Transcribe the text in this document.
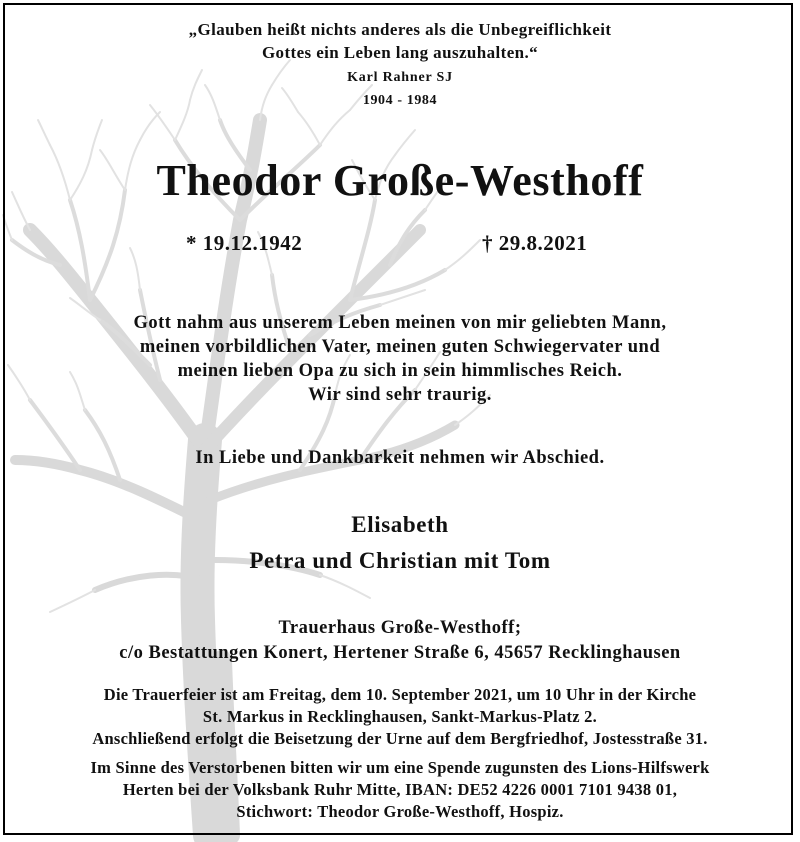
„Glauben heißt nichts anderes als die Unbegreiflichkeit
Gottes ein Leben lang auszuhalten.“
Karl Rahner SJ
1904 - 1984
Theodor Große-Westhoff
* 19.12.1942	† 29.8.2021
Gott nahm aus unserem Leben meinen von mir geliebten Mann,
meinen vorbildlichen Vater, meinen guten Schwiegervater und
meinen lieben Opa zu sich in sein himmlisches Reich.
Wir sind sehr traurig.
In Liebe und Dankbarkeit nehmen wir Abschied.
Elisabeth
Petra und Christian mit Tom
Trauerhaus Große-Westhoff;
c/o Bestattungen Konert, Hertener Straße 6, 45657 Recklinghausen
Die Trauerfeier ist am Freitag, dem 10. September 2021, um 10 Uhr in der Kirche
St. Markus in Recklinghausen, Sankt-Markus-Platz 2.
Anschließend erfolgt die Beisetzung der Urne auf dem Bergfriedhof, Jostesstraße 31.
Im Sinne des Verstorbenen bitten wir um eine Spende zugunsten des Lions-Hilfswerk
Herten bei der Volksbank Ruhr Mitte, IBAN: DE52 4226 0001 7101 9438 01,
Stichwort: Theodor Große-Westhoff, Hospiz.
